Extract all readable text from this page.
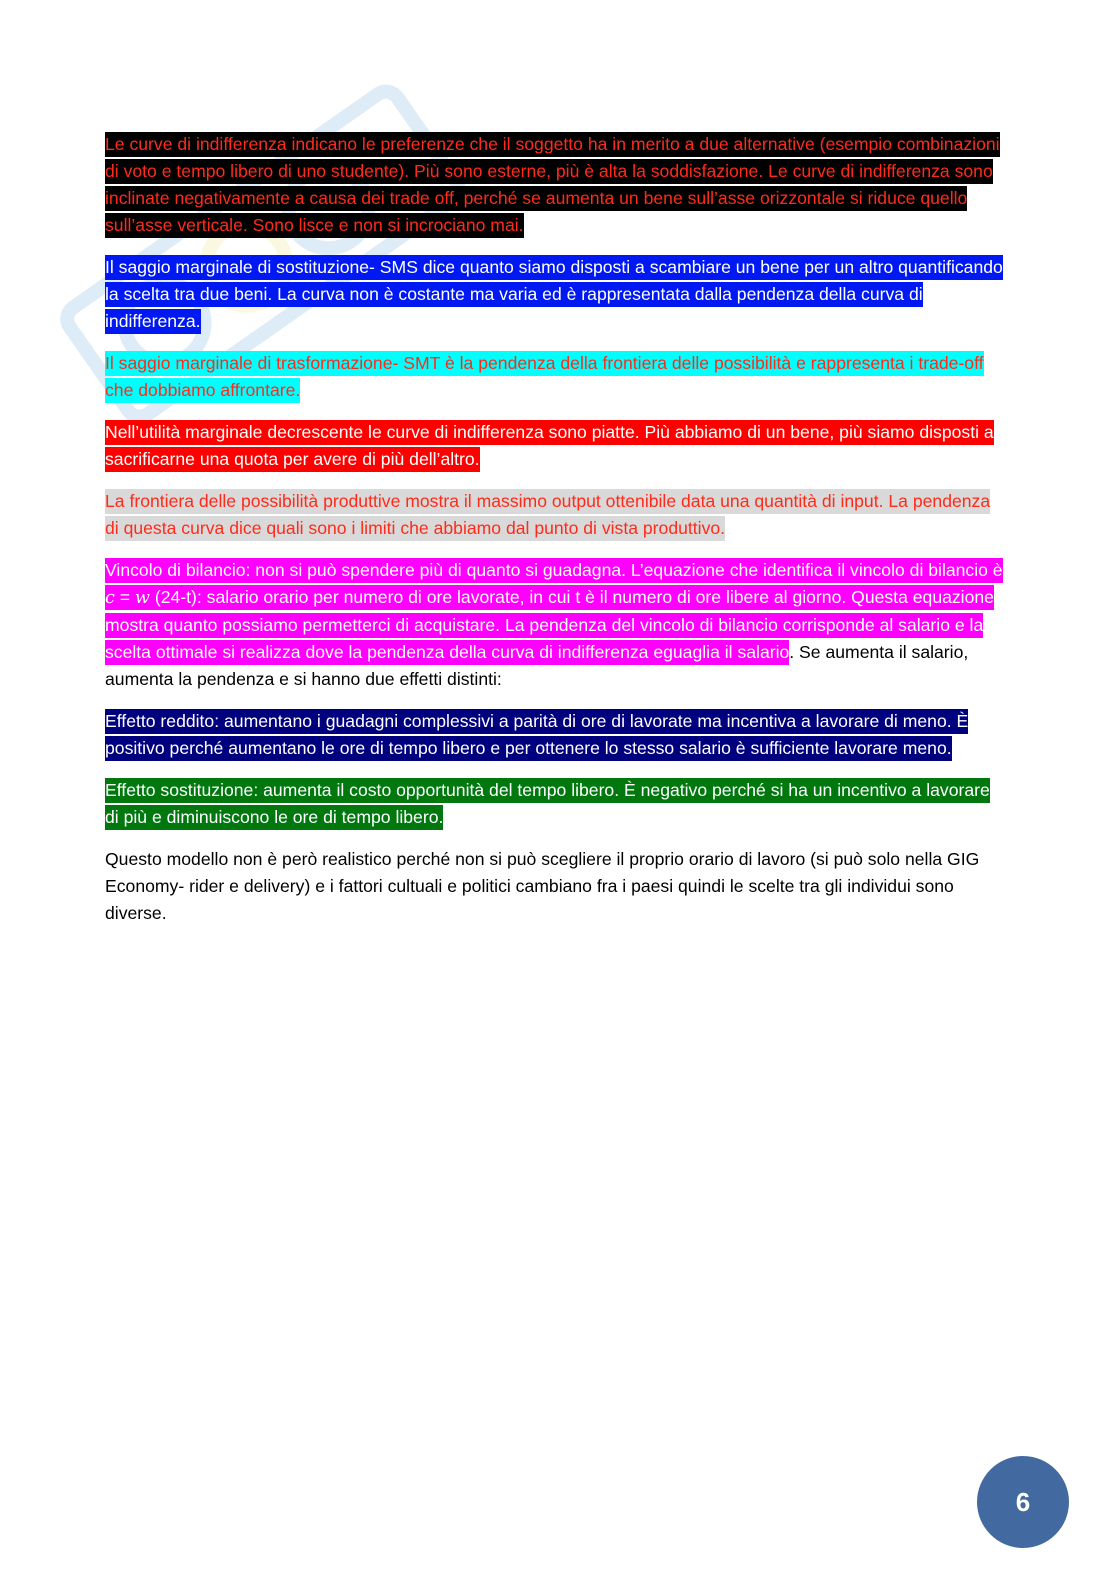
Le curve di indifferenza indicano le preferenze che il soggetto ha in merito a due alternative (esempio combinazioni di voto e tempo libero di uno studente). Più sono esterne, più è alta la soddisfazione. Le curve di indifferenza sono inclinate negativamente a causa dei trade off, perché se aumenta un bene sull’asse orizzontale si riduce quello sull’asse verticale. Sono lisce e non si incrociano mai.

Il saggio marginale di sostituzione- SMS dice quanto siamo disposti a scambiare un bene per un altro quantificando la scelta tra due beni. La curva non è costante ma varia ed è rappresentata dalla pendenza della curva di indifferenza.

Il saggio marginale di trasformazione- SMT è la pendenza della frontiera delle possibilità e rappresenta i trade-off che dobbiamo affrontare.

Nell’utilità marginale decrescente le curve di indifferenza sono piatte. Più abbiamo di un bene, più siamo disposti a sacrificarne una quota per avere di più dell’altro.

La frontiera delle possibilità produttive mostra il massimo output ottenibile data una quantità di input. La pendenza di questa curva dice quali sono i limiti che abbiamo dal punto di vista produttivo.

Vincolo di bilancio: non si può spendere più di quanto si guadagna. L’equazione che identifica il vincolo di bilancio è c = w (24-t): salario orario per numero di ore lavorate, in cui t è il numero di ore libere al giorno. Questa equazione mostra quanto possiamo permetterci di acquistare. La pendenza del vincolo di bilancio corrisponde al salario e la scelta ottimale si realizza dove la pendenza della curva di indifferenza eguaglia il salario. Se aumenta il salario, aumenta la pendenza e si hanno due effetti distinti:

Effetto reddito: aumentano i guadagni complessivi a parità di ore di lavorate ma incentiva a lavorare di meno. È positivo perché aumentano le ore di tempo libero e per ottenere lo stesso salario è sufficiente lavorare meno.

Effetto sostituzione: aumenta il costo opportunità del tempo libero. È negativo perché si ha un incentivo a lavorare di più e diminuiscono le ore di tempo libero.

Questo modello non è però realistico perché non si può scegliere il proprio orario di lavoro (si può solo nella GIG Economy- rider e delivery) e i fattori cultuali e politici cambiano fra i paesi quindi le scelte tra gli individui sono diverse.

6
